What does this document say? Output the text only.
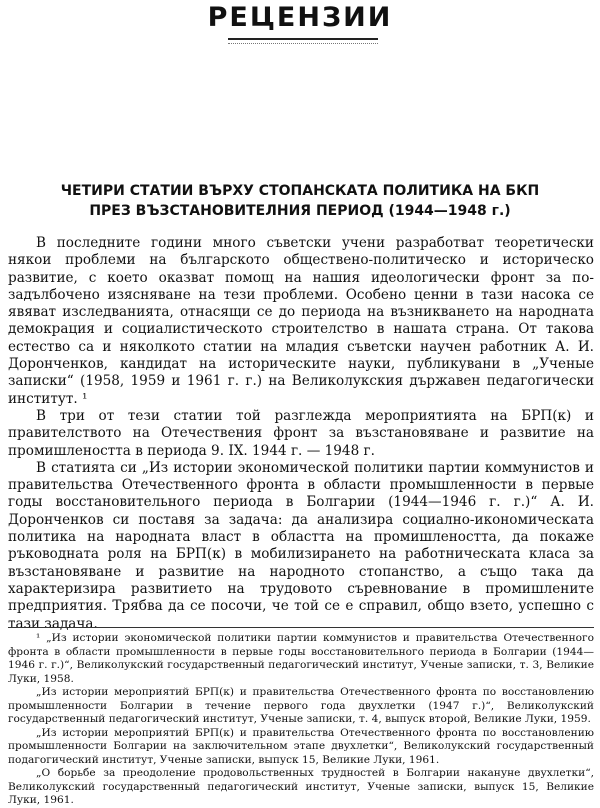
РЕЦЕНЗИИ
ЧЕТИРИ СТАТИИ ВЪРХУ СТОПАНСКАТА ПОЛИТИКА НА БКП
ПРЕЗ ВЪЗСТАНОВИТЕЛНИЯ ПЕРИОД (1944—1948 г.)

В последните години много съветски учени разработват теоретически някои проблеми на българското обществено-политическо и историческо развитие, с което оказват помощ на нашия идеологически фронт за по-задълбочено изясняване на тези проблеми. Особено ценни в тази насока се явяват изследванията, отнасящи се до периода на възникването на народната демокрация и социалистическото строителство в нашата страна. От такова естество са и няколкото статии на младия съветски научен работник А. И. Доронченков, кандидат на историческите науки, публикувани в „Ученые записки“ (1958, 1959 и 1961 г. г.) на Великолукския държавен педагогически институт. ¹

В три от тези статии той разглежда мероприятията на БРП(к) и правителството на Отечествения фронт за възстановяване и развитие на промишлеността в периода 9. IX. 1944 г. — 1948 г.

В статията си „Из истории экономической политики партии коммунистов и правительства Отечественного фронта в области промышленности в первые годы восстановительного периода в Болгарии (1944—1946 г. г.)“ А. И. Доронченков си поставя за задача: да анализира социално-икономическата политика на народната власт в областта на промишлеността, да покаже ръководната роля на БРП(к) в мобилизирането на работническата класа за възстановяване и развитие на народното стопанство, а също така да характеризира развитието на трудовото съревнование в промишлените предприятия. Трябва да се посочи, че той се е справил, общо взето, успешно с тази задача.

¹ „Из истории экономической политики партии коммунистов и правительства Отечественного фронта в области промышленности в первые годы восстановительного периода в Болгарии (1944—1946 г. г.)“, Великолукский государственный педагогический институт, Ученые записки, т. 3, Великие Луки, 1958.

„Из истории мероприятий БРП(к) и правительства Отечественного фронта по восстановлению промышленности Болгарии в течение первого года двухлетки (1947 г.)“, Великолукский государственный педагогический институт, Ученые записки, т. 4, выпуск второй, Великие Луки, 1959.

„Из истории мероприятий БРП(к) и правительства Отечественного фронта по восстановлению промышленности Болгарии на заключительном этапе двухлетки“, Великолукский государственный подагогический институт, Ученые записки, выпуск 15, Великие Луки, 1961.

„О борьбе за преодоление продовольственных трудностей в Болгарии накануне двухлетки“, Великолукский государственный педагогический институт, Ученые записки, выпуск 15, Великие Луки, 1961.
